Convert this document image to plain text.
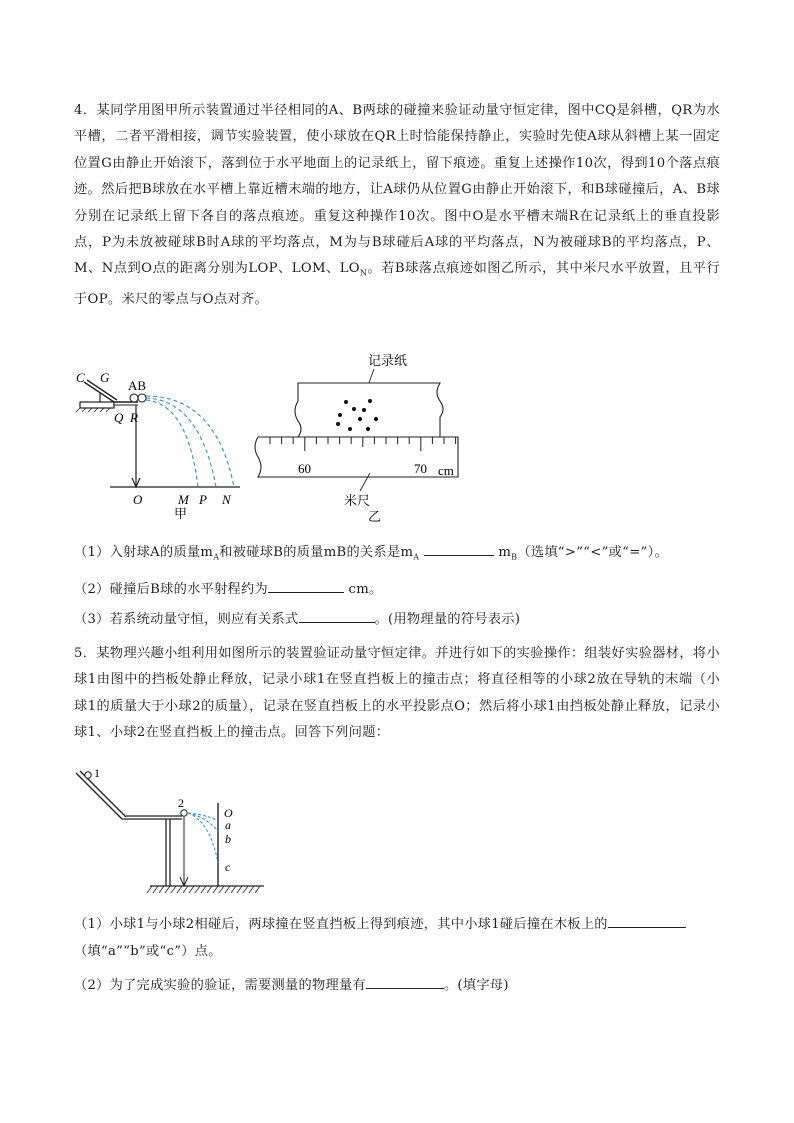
4．某同学用图甲所示装置通过半径相同的A、B两球的碰撞来验证动量守恒定律，图中CQ是斜槽，QR为水平槽，二者平滑相接，调节实验装置，使小球放在QR上时恰能保持静止，实验时先使A球从斜槽上某一固定位置G由静止开始滚下，落到位于水平地面上的记录纸上，留下痕迹。重复上述操作10次，得到10个落点痕迹。然后把B球放在水平槽上靠近槽末端的地方，让A球仍从位置G由静止开始滚下，和B球碰撞后，A、B球分别在记录纸上留下各自的落点痕迹。重复这种操作10次。图中O是水平槽末端R在记录纸上的垂直投影点，P为未放被碰球B时A球的平均落点，M为与B球碰后A球的平均落点，N为被碰球B的平均落点，P、M、N点到O点的距离分别为LOP、LOM、$LO_N$。若B球落点痕迹如图乙所示，其中米尺水平放置，且平行于OP。米尺的零点与O点对齐。
C G
AB
Q R
O	M P N
甲
记录纸
60	70 cm
米尺
乙
（1）入射球A的质量$m_A$和被碰球B的质量mB的关系是$m_A$	$m_B$（选填“>”“<”或“=”）。
（2）碰撞后B球的水平射程约为	cm。
（3）若系统动量守恒，则应有关系式	。(用物理量的符号表示)
5．某物理兴趣小组利用如图所示的装置验证动量守恒定律。并进行如下的实验操作：组装好实验器材，将小球1由图中的挡板处静止释放，记录小球1在竖直挡板上的撞击点；将直径相等的小球2放在导轨的末端（小球1的质量大于小球2的质量），记录在竖直挡板上的水平投影点O；然后将小球1由挡板处静止释放，记录小球1、小球2在竖直挡板上的撞击点。回答下列问题：
1
2
O
a
b
c
（1）小球1与小球2相碰后，两球撞在竖直挡板上得到痕迹，其中小球1碰后撞在木板上的
（填“a”“b”或“c”）点。
（2）为了完成实验的验证，需要测量的物理量有	。(填字母)
